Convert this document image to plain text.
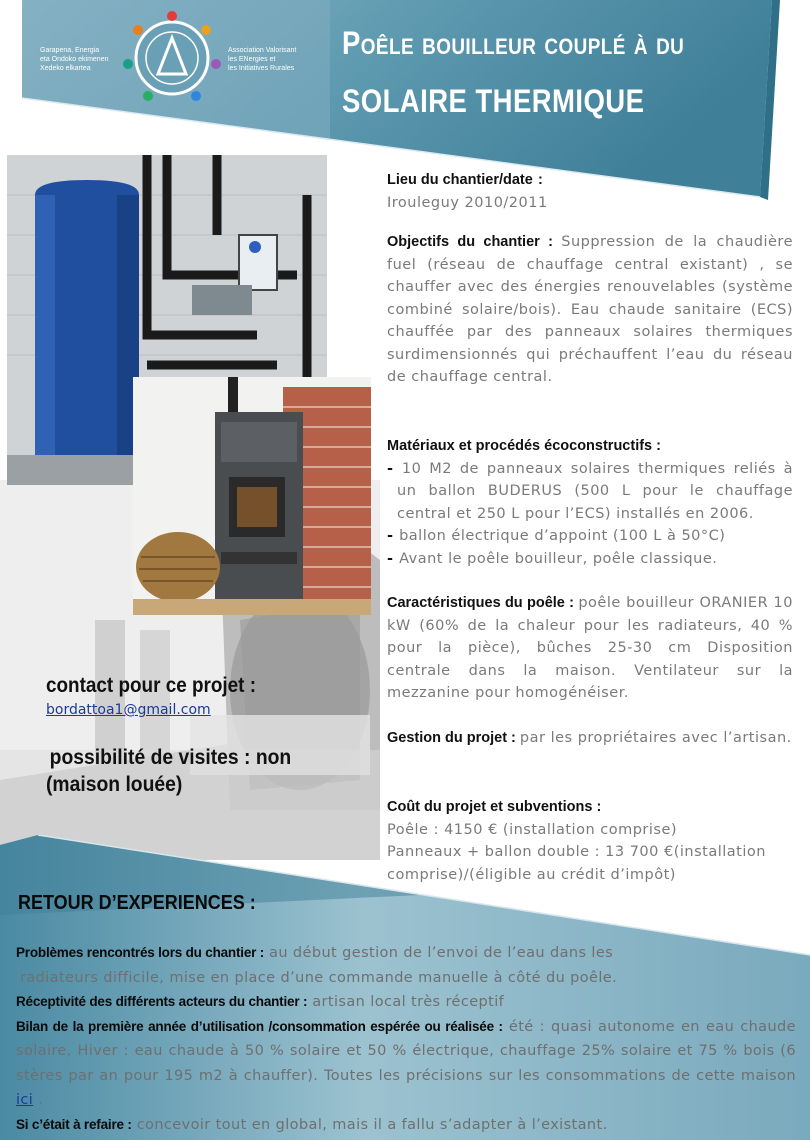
Garapena, Energia
eta Ondoko ekimenen
Xedeko elkartea
Association Valorisant
les ENergies et
les Initiatives Rurales
Poêle bouilleur couplé à du
SOLAIRE THERMIQUE
Lieu du chantier/date :
Irouleguy 2010/2011
Objectifs du chantier : Suppression de la chaudière fuel (réseau de chauffage central existant) , se chauffer avec des énergies renouvelables (système combiné solaire/bois). Eau chaude sanitaire (ECS) chauffée par des panneaux solaires thermiques surdimensionnés qui préchauffent l’eau du réseau de chauffage central.
Matériaux et procédés écoconstructifs :
- 10 M2 de panneaux solaires thermiques reliés à un ballon BUDERUS (500 L pour le chauffage central et 250 L pour l’ECS) installés en 2006.
- ballon électrique d’appoint (100 L à 50°C)
- Avant le poêle bouilleur, poêle classique.
Caractéristiques du poêle : poêle bouilleur ORANIER 10 kW (60% de la chaleur pour les radiateurs, 40 % pour la pièce), bûches 25-30 cm Disposition centrale dans la maison. Ventilateur sur la mezzanine pour homogénéiser.
Gestion du projet : par les propriétaires avec l’artisan.
Coût du projet et subventions :
Poêle : 4150 € (installation comprise)
Panneaux + ballon double : 13 700 €(installation comprise)/(éligible au crédit d’impôt)
contact pour ce projet :
bordattoa1@gmail.com
possibilité de visites : non
(maison louée)
RETOUR D’EXPERIENCES :
Problèmes rencontrés lors du chantier : au début gestion de l’envoi de l’eau dans les
radiateurs difficile, mise en place d’une commande manuelle à côté du poêle.
Réceptivité des différents acteurs du chantier : artisan local très réceptif
Bilan de la première année d’utilisation /consommation espérée ou réalisée : été : quasi autonome en eau chaude solaire, Hiver : eau chaude à 50 % solaire et 50 % électrique, chauffage 25% solaire et 75 % bois (6 stères par an pour 195 m2 à chauffer). Toutes les précisions sur les consommations de cette maison ici .
Si c’était à refaire : concevoir tout en global, mais il a fallu s’adapter à l’existant.
